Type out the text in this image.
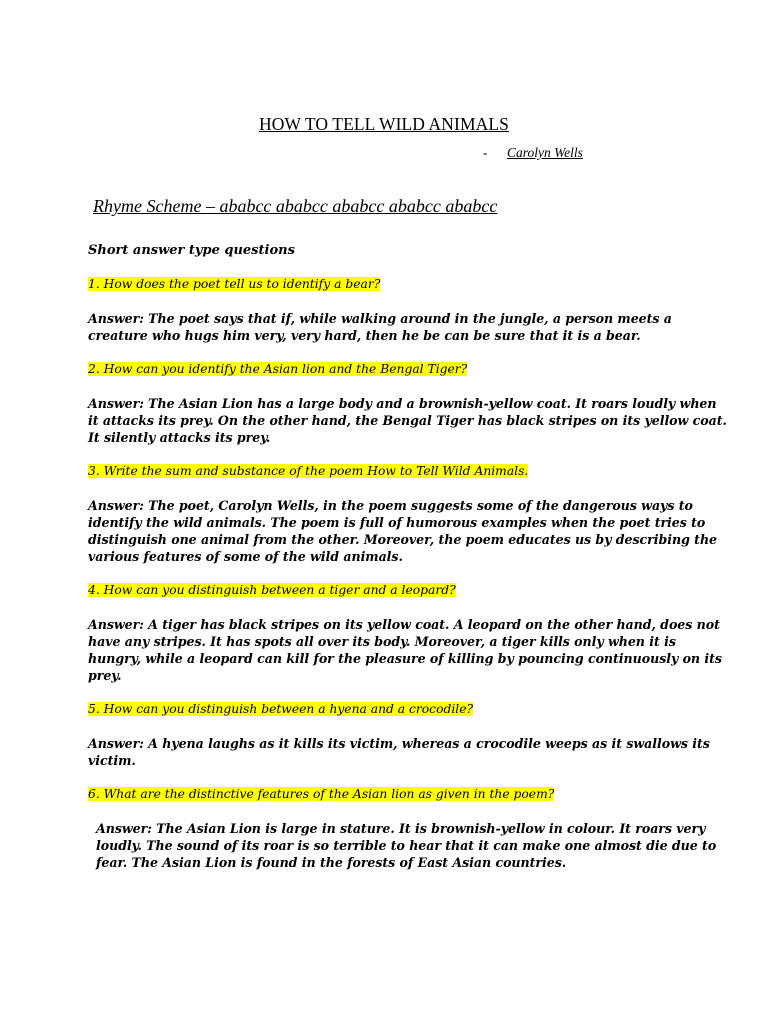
HOW TO TELL WILD ANIMALS
- Carolyn Wells
Rhyme Scheme – ababcc ababcc ababcc ababcc ababcc

Short answer type questions

1. How does the poet tell us to identify a bear?

Answer: The poet says that if, while walking around in the jungle, a person meets a creature who hugs him very, very hard, then he be can be sure that it is a bear.

2. How can you identify the Asian lion and the Bengal Tiger?

Answer: The Asian Lion has a large body and a brownish-yellow coat. It roars loudly when it attacks its prey. On the other hand, the Bengal Tiger has black stripes on its yellow coat. It silently attacks its prey.

3. Write the sum and substance of the poem How to Tell Wild Animals.

Answer: The poet, Carolyn Wells, in the poem suggests some of the dangerous ways to identify the wild animals. The poem is full of humorous examples when the poet tries to distinguish one animal from the other. Moreover, the poem educates us by describing the various features of some of the wild animals.

4. How can you distinguish between a tiger and a leopard?

Answer: A tiger has black stripes on its yellow coat. A leopard on the other hand, does not have any stripes. It has spots all over its body. Moreover, a tiger kills only when it is hungry, while a leopard can kill for the pleasure of killing by pouncing continuously on its prey.

5. How can you distinguish between a hyena and a crocodile?

Answer: A hyena laughs as it kills its victim, whereas a crocodile weeps as it swallows its victim.

6. What are the distinctive features of the Asian lion as given in the poem?

Answer: The Asian Lion is large in stature. It is brownish-yellow in colour. It roars very loudly. The sound of its roar is so terrible to hear that it can make one almost die due to fear. The Asian Lion is found in the forests of East Asian countries.
